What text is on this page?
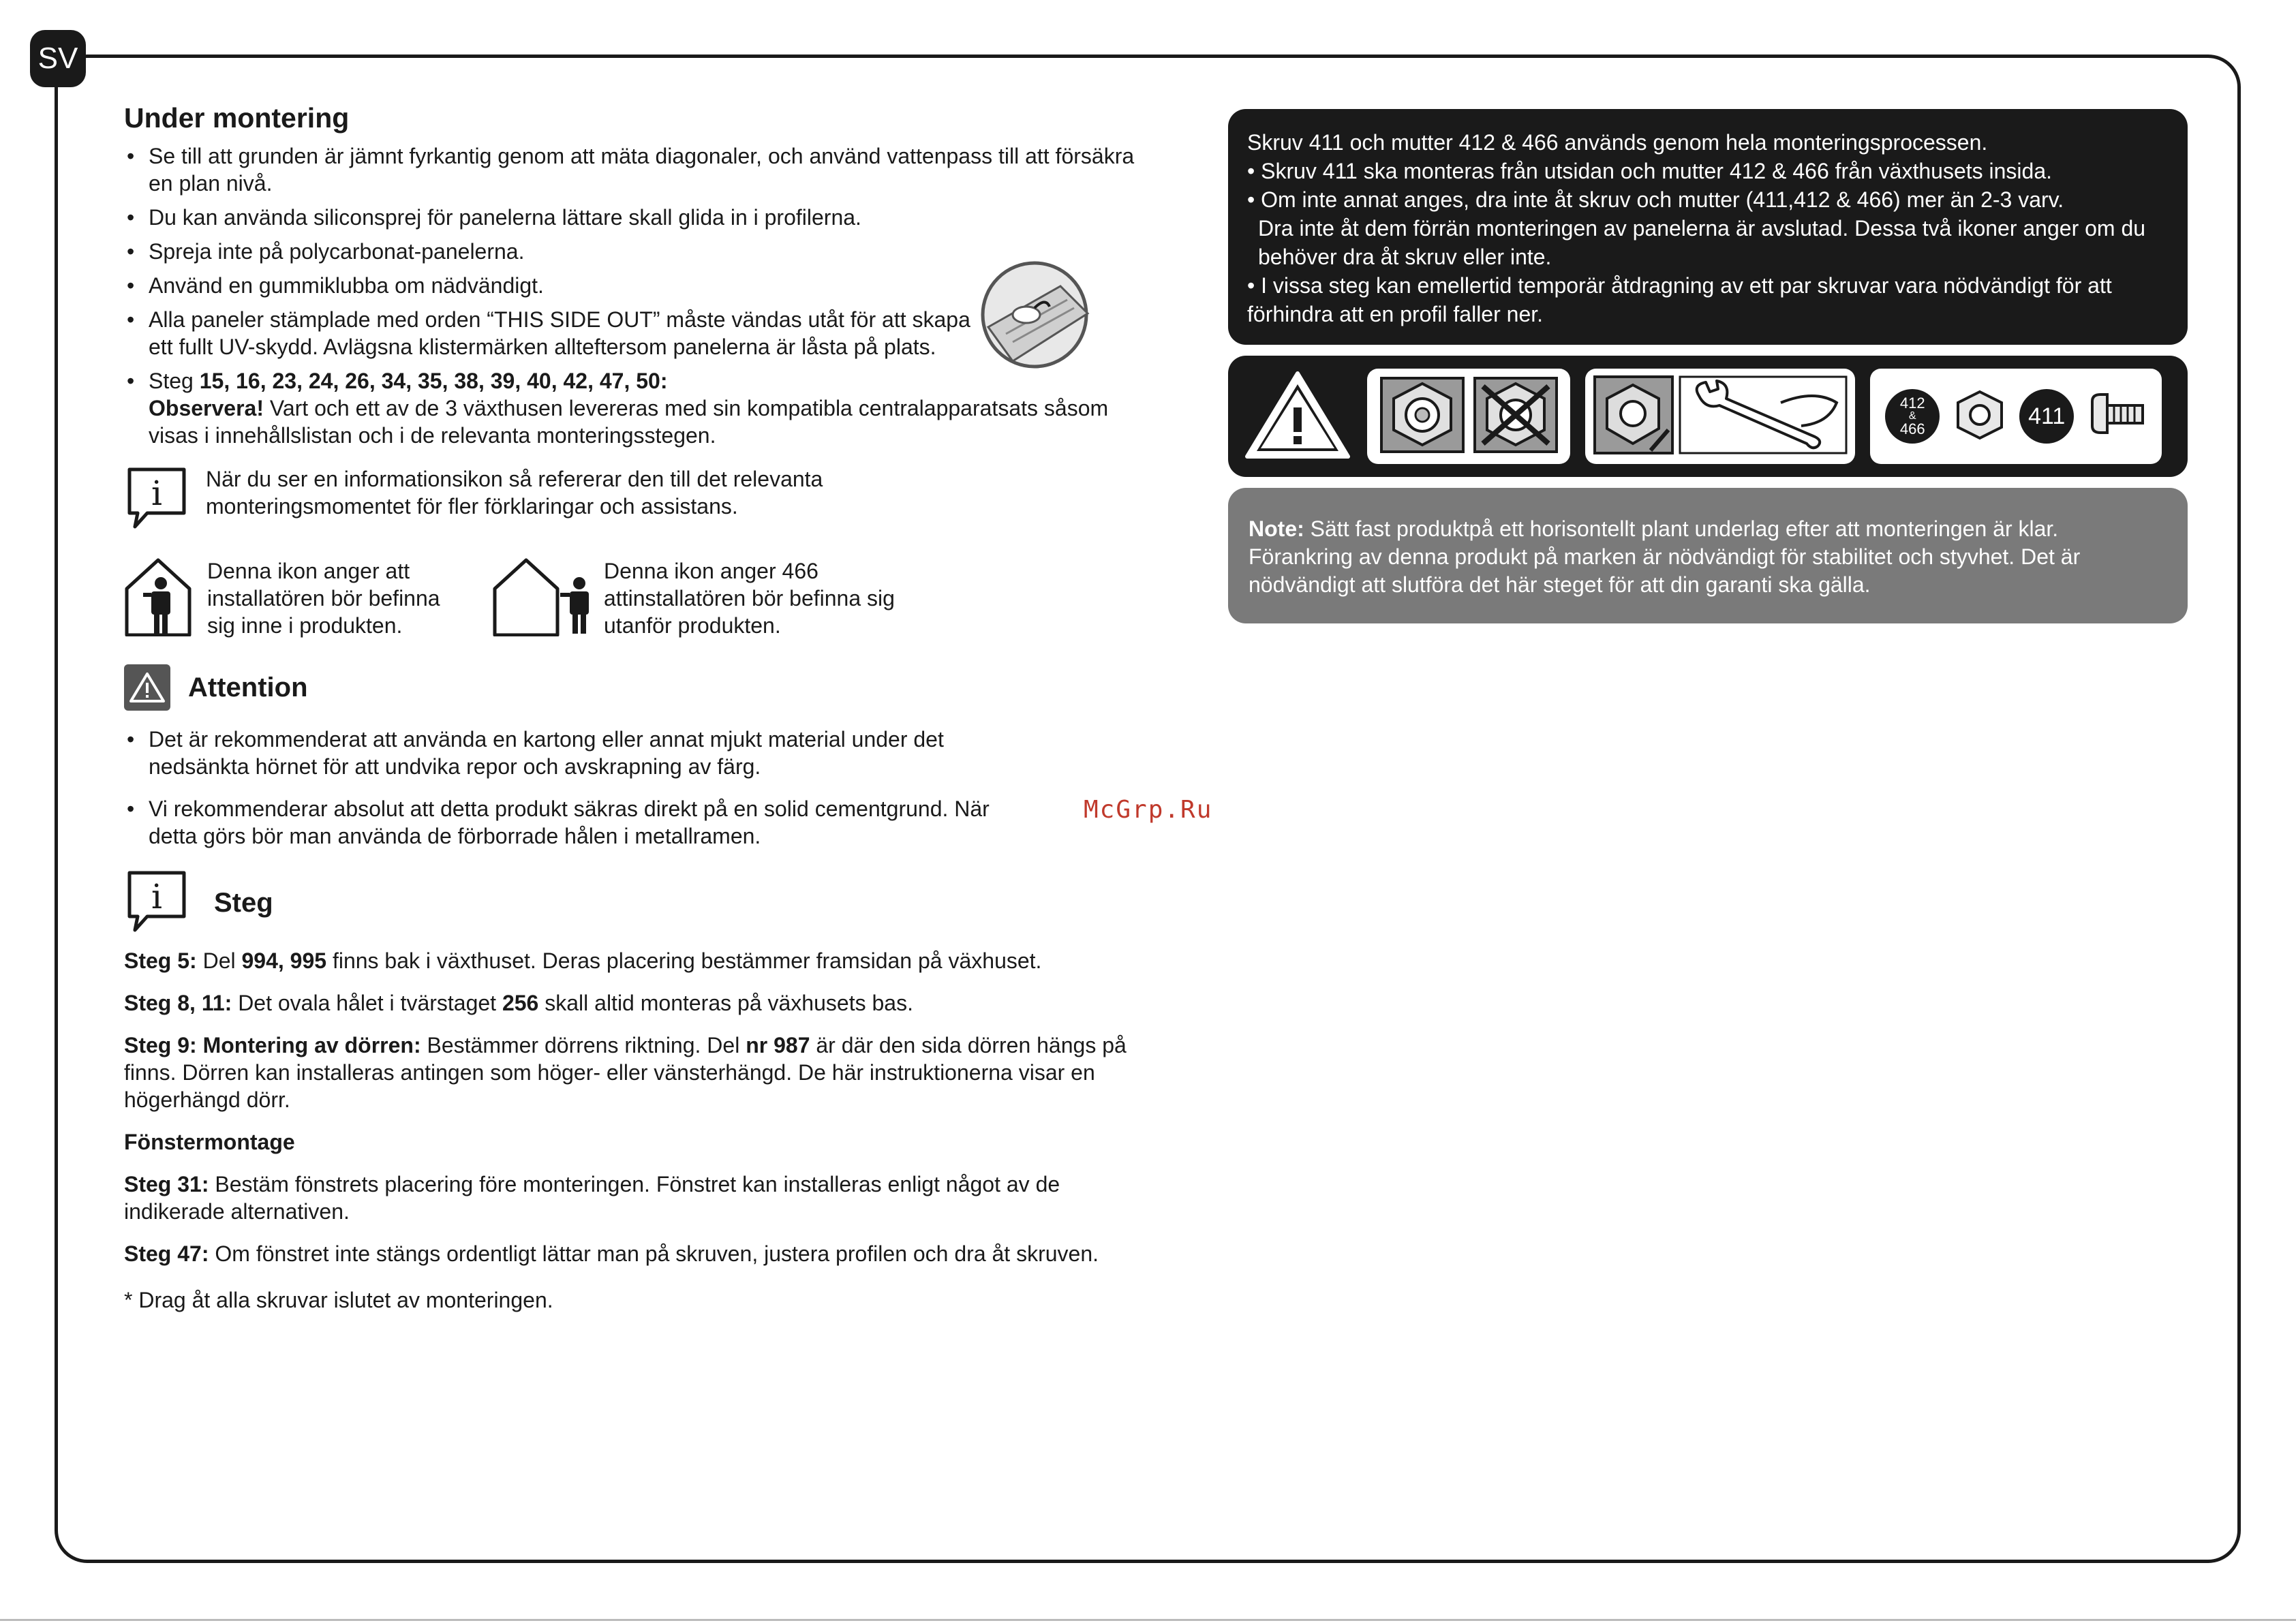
SV
McGrp.Ru
Under montering
• Se till att grunden är jämnt fyrkantig genom att mäta diagonaler, och använd vattenpass till att försäkra en plan nivå.
• Du kan använda siliconsprej för panelerna lättare skall glida in i profilerna.
• Spreja inte på polycarbonat-panelerna.
• Använd en gummiklubba om nädvändigt.
• Alla paneler stämplade med orden “THIS SIDE OUT” måste vändas utåt för att skapa ett fullt UV-skydd. Avlägsna klistermärken allteftersom panelerna är låsta på plats.
• Steg 15, 16, 23, 24, 26, 34, 35, 38, 39, 40, 42, 47, 50:
Observera! Vart och ett av de 3 växthusen levereras med sin kompatibla centralapparatsats såsom visas i innehållslistan och i de relevanta monteringsstegen.
i När du ser en informationsikon så refererar den till det relevanta monteringsmomentet för fler förklaringar och assistans.
Denna ikon anger att installatören bör befinna sig inne i produkten.
Denna ikon anger 466 attinstallatören bör befinna sig utanför produkten.
Attention
• Det är rekommenderat att använda en kartong eller annat mjukt material under det nedsänkta hörnet för att undvika repor och avskrapning av färg.
• Vi rekommenderar absolut att detta produkt säkras direkt på en solid cementgrund. När detta görs bör man använda de förborrade hålen i metallramen.
i Steg

Steg 5: Del 994, 995 finns bak i växthuset. Deras placering bestämmer framsidan på växhuset.

Steg 8, 11: Det ovala hålet i tvärstaget 256 skall altid monteras på växhusets bas.

Steg 9: Montering av dörren: Bestämmer dörrens riktning. Del nr 987 är där den sida dörren hängs på finns. Dörren kan installeras antingen som höger- eller vänsterhängd. De här instruktionerna visar en högerhängd dörr.

Fönstermontage

Steg 31: Bestäm fönstrets placering före monteringen. Fönstret kan installeras enligt något av de indikerade alternativen.

Steg 47: Om fönstret inte stängs ordentligt lättar man på skruven, justera profilen och dra åt skruven.

* Drag åt alla skruvar islutet av monteringen.

Skruv 411 och mutter 412 & 466 används genom hela monteringsprocessen.

• Skruv 411 ska monteras från utsidan och mutter 412 & 466 från växthusets insida.

• Om inte annat anges, dra inte åt skruv och mutter (411,412 & 466) mer än 2-3 varv.

Dra inte åt dem förrän monteringen av panelerna är avslutad. Dessa två ikoner anger om du behöver dra åt skruv eller inte.

• I vissa steg kan emellertid temporär åtdragning av ett par skruvar vara nödvändigt för att förhindra att en profil faller ner.

412
&
466	411

Note: Sätt fast produktpå ett horisontellt plant underlag efter att monteringen är klar. Förankring av denna produkt på marken är nödvändigt för stabilitet och styvhet. Det är nödvändigt att slutföra det här steget för att din garanti ska gälla.
